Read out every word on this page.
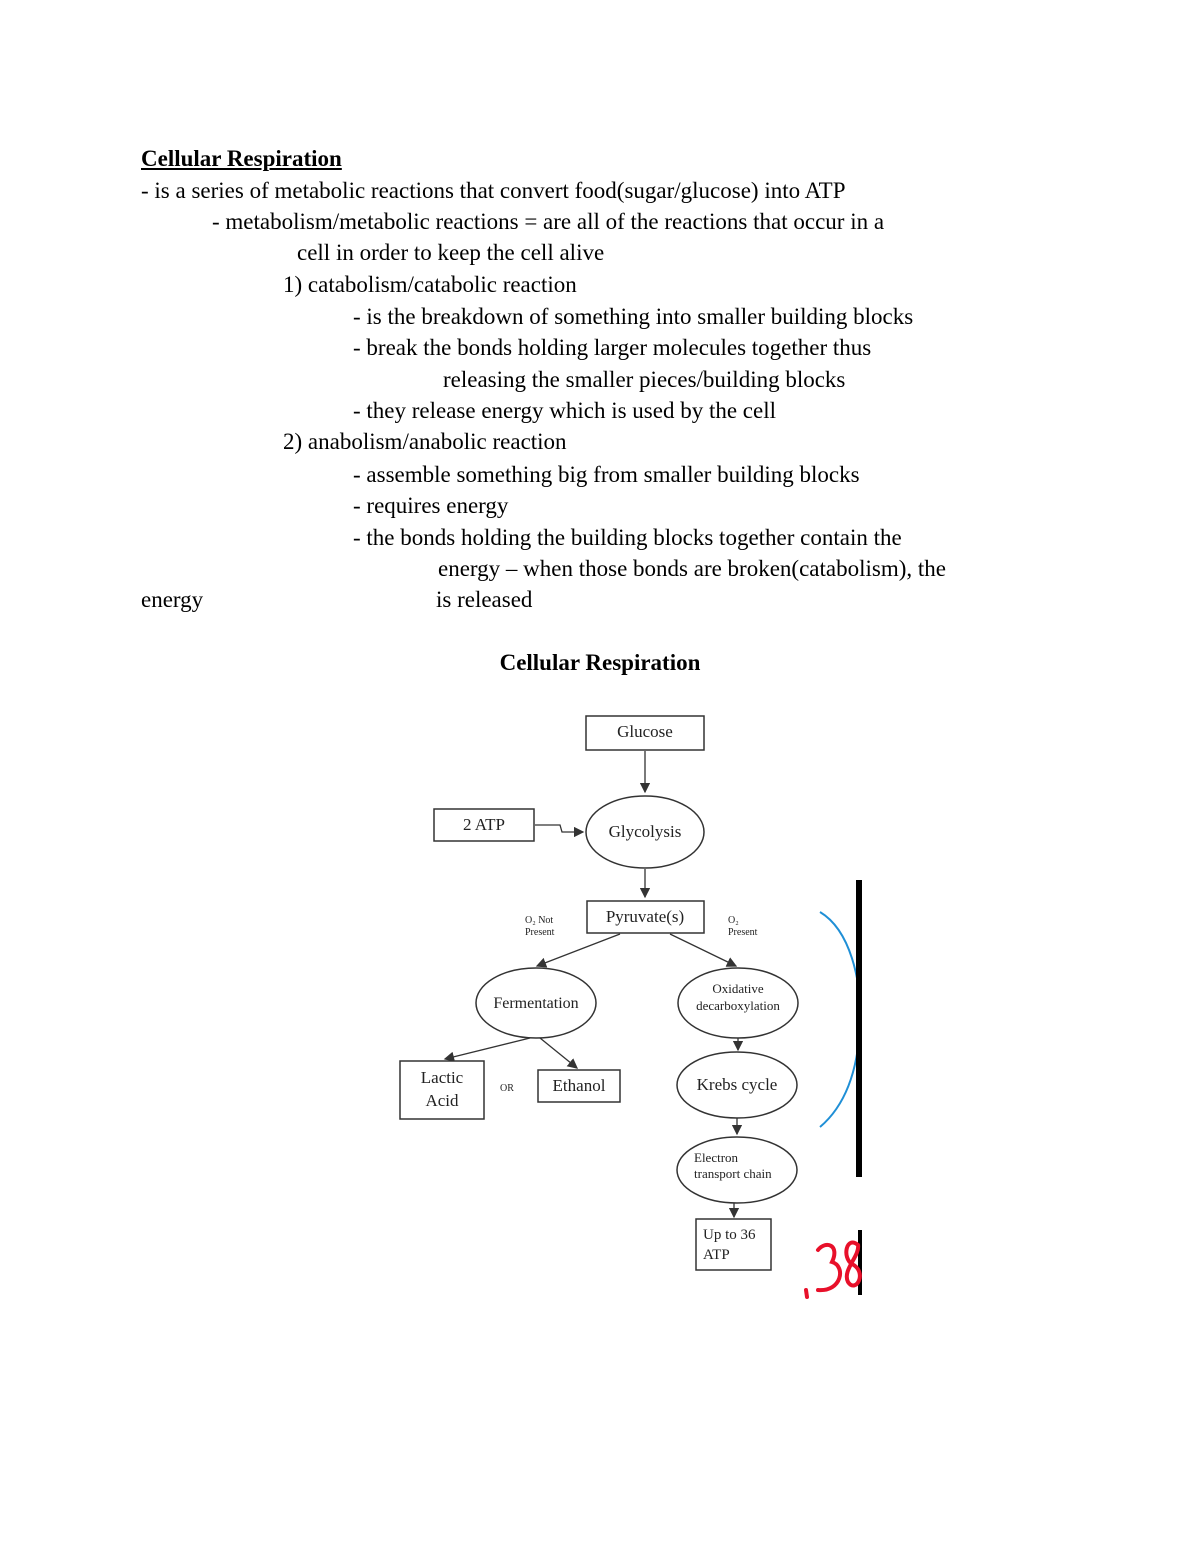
Cellular Respiration
- is a series of metabolic reactions that convert food(sugar/glucose) into ATP
- metabolism/metabolic reactions = are all of the reactions that occur in a
cell in order to keep the cell alive
1) catabolism/catabolic reaction
- is the breakdown of something into smaller building blocks
- break the bonds holding larger molecules together thus
releasing the smaller pieces/building blocks
- they release energy which is used by the cell
2) anabolism/anabolic reaction
- assemble something big from smaller building blocks
- requires energy
- the bonds holding the building blocks together contain the
energy – when those bonds are broken(catabolism), the
energy	is released
Cellular Respiration
Glucose
2 ATP	Glycolysis
Pyruvate(s)
O₂ Not
Present
O₂
Present
Fermentation
Oxidative
decarboxylation
Lactic
Acid
OR Ethanol	Krebs cycle
Electron
transport chain
Up to 36
ATP
